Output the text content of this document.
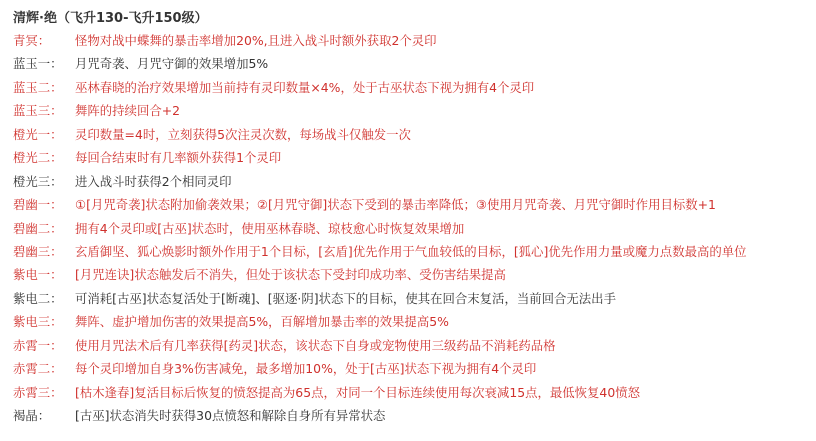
清辉·绝（飞升130-飞升150级）
青冥：	怪物对战中蝶舞的暴击率增加20%,且进入战斗时额外获取2个灵印
蓝玉一：	月咒奇袭、月咒守御的效果增加5%
蓝玉二：	巫林春晓的治疗效果增加当前持有灵印数量×4%，处于古巫状态下视为拥有4个灵印
蓝玉三：	舞阵的持续回合+2
橙光一：	灵印数量=4时，立刻获得5次注灵次数，每场战斗仅触发一次
橙光二：	每回合结束时有几率额外获得1个灵印
橙光三：	进入战斗时获得2个相同灵印
碧幽一：	①[月咒奇袭]状态附加偷袭效果；②[月咒守御]状态下受到的暴击率降低；③使用月咒奇袭、月咒守御时作用目标数+1
碧幽二：	拥有4个灵印或[古巫]状态时，使用巫林春晓、琼枝愈心时恢复效果增加
碧幽三：	玄盾御坚、狐心焕影时额外作用于1个目标，[玄盾]优先作用于气血较低的目标，[狐心]优先作用力量或魔力点数最高的单位
紫电一：	[月咒连诀]状态触发后不消失，但处于该状态下受封印成功率、受伤害结果提高
紫电二：	可消耗[古巫]状态复活处于[断魂]、[驱逐·阴]状态下的目标，使其在回合末复活，当前回合无法出手
紫电三：	舞阵、虚护增加伤害的效果提高5%，百解增加暴击率的效果提高5%
赤霄一：	使用月咒法术后有几率获得[药灵]状态，该状态下自身或宠物使用三级药品不消耗药品格
赤霄二：	每个灵印增加自身3%伤害减免，最多增加10%，处于[古巫]状态下视为拥有4个灵印
赤霄三：	[枯木逢春]复活目标后恢复的愤怒提高为65点，对同一个目标连续使用每次衰减15点，最低恢复40愤怒
褐晶：	[古巫]状态消失时获得30点愤怒和解除自身所有异常状态
